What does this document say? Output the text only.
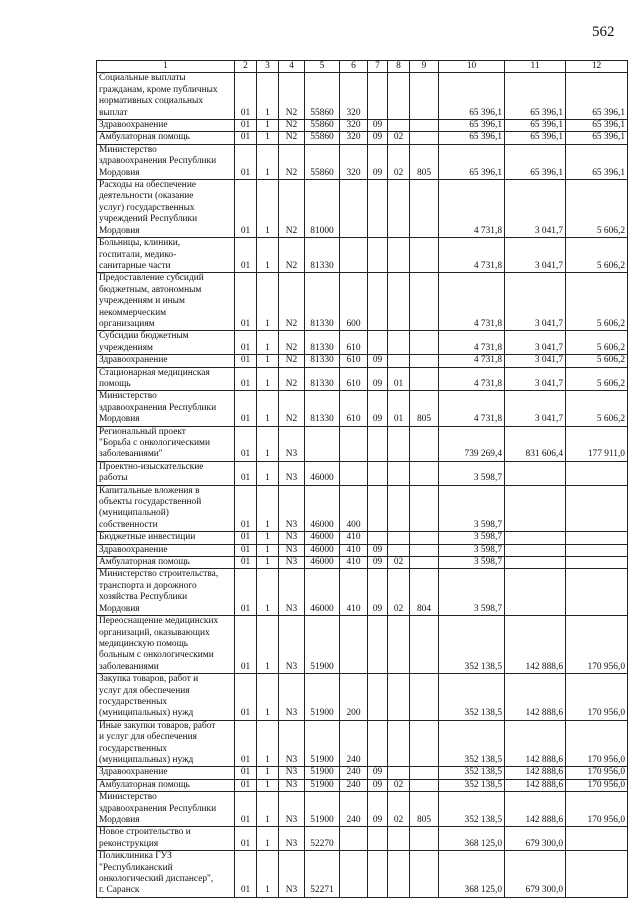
562
1	2	3	4	5	6	7	8	9	10	11	12
Социальные выплаты
гражданам, кроме публичных
нормативных социальных
выплат	01	1	N2	55860	320				65 396,1	65 396,1	65 396,1
Здравоохранение	01	1	N2	55860	320	09			65 396,1	65 396,1	65 396,1
Амбулаторная помощь	01	1	N2	55860	320	09	02		65 396,1	65 396,1	65 396,1
Министерство
здравоохранения Республики
Мордовия	01	1	N2	55860	320	09	02	805	65 396,1	65 396,1	65 396,1
Расходы на обеспечение
деятельности (оказание
услуг) государственных
учреждений Республики
Мордовия	01	1	N2	81000					4 731,8	3 041,7	5 606,2
Больницы, клиники,
госпитали, медико-
санитарные части	01	1	N2	81330					4 731,8	3 041,7	5 606,2
Предоставление субсидий
бюджетным, автономным
учреждениям и иным
некоммерческим
организациям	01	1	N2	81330	600				4 731,8	3 041,7	5 606,2
Субсидии бюджетным
учреждениям	01	1	N2	81330	610				4 731,8	3 041,7	5 606,2
Здравоохранение	01	1	N2	81330	610	09			4 731,8	3 041,7	5 606,2
Стационарная медицинская
помощь	01	1	N2	81330	610	09	01		4 731,8	3 041,7	5 606,2
Министерство
здравоохранения Республики
Мордовия	01	1	N2	81330	610	09	01	805	4 731,8	3 041,7	5 606,2
Региональный проект
"Борьба с онкологическими
заболеваниями"	01	1	N3						739 269,4	831 606,4	177 911,0
Проектно-изыскательские
работы	01	1	N3	46000					3 598,7		
Капитальные вложения в
объекты государственной
(муниципальной)
собственности	01	1	N3	46000	400				3 598,7		
Бюджетные инвестиции	01	1	N3	46000	410				3 598,7		
Здравоохранение	01	1	N3	46000	410	09			3 598,7		
Амбулаторная помощь	01	1	N3	46000	410	09	02		3 598,7		
Министерство строительства,
транспорта и дорожного
хозяйства Республики
Мордовия	01	1	N3	46000	410	09	02	804	3 598,7		
Переоснащение медицинских
организаций, оказывающих
медицинскую помощь
больным с онкологическими
заболеваниями	01	1	N3	51900					352 138,5	142 888,6	170 956,0
Закупка товаров, работ и
услуг для обеспечения
государственных
(муниципальных) нужд	01	1	N3	51900	200				352 138,5	142 888,6	170 956,0
Иные закупки товаров, работ
и услуг для обеспечения
государственных
(муниципальных) нужд	01	1	N3	51900	240				352 138,5	142 888,6	170 956,0
Здравоохранение	01	1	N3	51900	240	09			352 138,5	142 888,6	170 956,0
Амбулаторная помощь	01	1	N3	51900	240	09	02		352 138,5	142 888,6	170 956,0
Министерство
здравоохранения Республики
Мордовия	01	1	N3	51900	240	09	02	805	352 138,5	142 888,6	170 956,0
Новое строительство и
реконструкция	01	1	N3	52270					368 125,0	679 300,0	
Поликлиника ГУЗ
"Республиканский
онкологический диспансер",
г. Саранск	01	1	N3	52271					368 125,0	679 300,0	
